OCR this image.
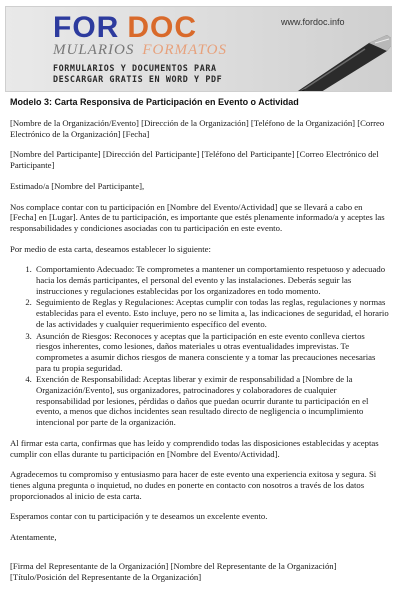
FOR DOC
MULARIOS FORMATOS
www.fordoc.info
FORMULARIOS Y DOCUMENTOS PARA
DESCARGAR GRATIS EN WORD Y PDF
Modelo 3: Carta Responsiva de Participación en Evento o Actividad

[Nombre de la Organización/Evento] [Dirección de la Organización] [Teléfono de la Organización] [Correo Electrónico de la Organización] [Fecha]

[Nombre del Participante] [Dirección del Participante] [Teléfono del Participante] [Correo Electrónico del Participante]

Estimado/a [Nombre del Participante],

Nos complace contar con tu participación en [Nombre del Evento/Actividad] que se llevará a cabo en [Fecha] en [Lugar]. Antes de tu participación, es importante que estés plenamente informado/a y aceptes las responsabilidades y condiciones asociadas con tu participación en este evento.

Por medio de esta carta, deseamos establecer lo siguiente:

1. Comportamiento Adecuado: Te comprometes a mantener un comportamiento respetuoso y adecuado hacia los demás participantes, el personal del evento y las instalaciones. Deberás seguir las instrucciones y regulaciones establecidas por los organizadores en todo momento.
2. Seguimiento de Reglas y Regulaciones: Aceptas cumplir con todas las reglas, regulaciones y normas establecidas para el evento. Esto incluye, pero no se limita a, las indicaciones de seguridad, el horario de las actividades y cualquier requerimiento específico del evento.
3. Asunción de Riesgos: Reconoces y aceptas que la participación en este evento conlleva ciertos riesgos inherentes, como lesiones, daños materiales u otras eventualidades imprevistas. Te comprometes a asumir dichos riesgos de manera consciente y a tomar las precauciones necesarias para tu propia seguridad.
4. Exención de Responsabilidad: Aceptas liberar y eximir de responsabilidad a [Nombre de la Organización/Evento], sus organizadores, patrocinadores y colaboradores de cualquier responsabilidad por lesiones, pérdidas o daños que puedan ocurrir durante tu participación en el evento, a menos que dichos incidentes sean resultado directo de negligencia o incumplimiento intencional por parte de la organización.

Al firmar esta carta, confirmas que has leído y comprendido todas las disposiciones establecidas y aceptas cumplir con ellas durante tu participación en [Nombre del Evento/Actividad].

Agradecemos tu compromiso y entusiasmo para hacer de este evento una experiencia exitosa y segura. Si tienes alguna pregunta o inquietud, no dudes en ponerte en contacto con nosotros a través de los datos proporcionados al inicio de esta carta.

Esperamos contar con tu participación y te deseamos un excelente evento.

Atentamente,

[Firma del Representante de la Organización] [Nombre del Representante de la Organización]

[Título/Posición del Representante de la Organización]
